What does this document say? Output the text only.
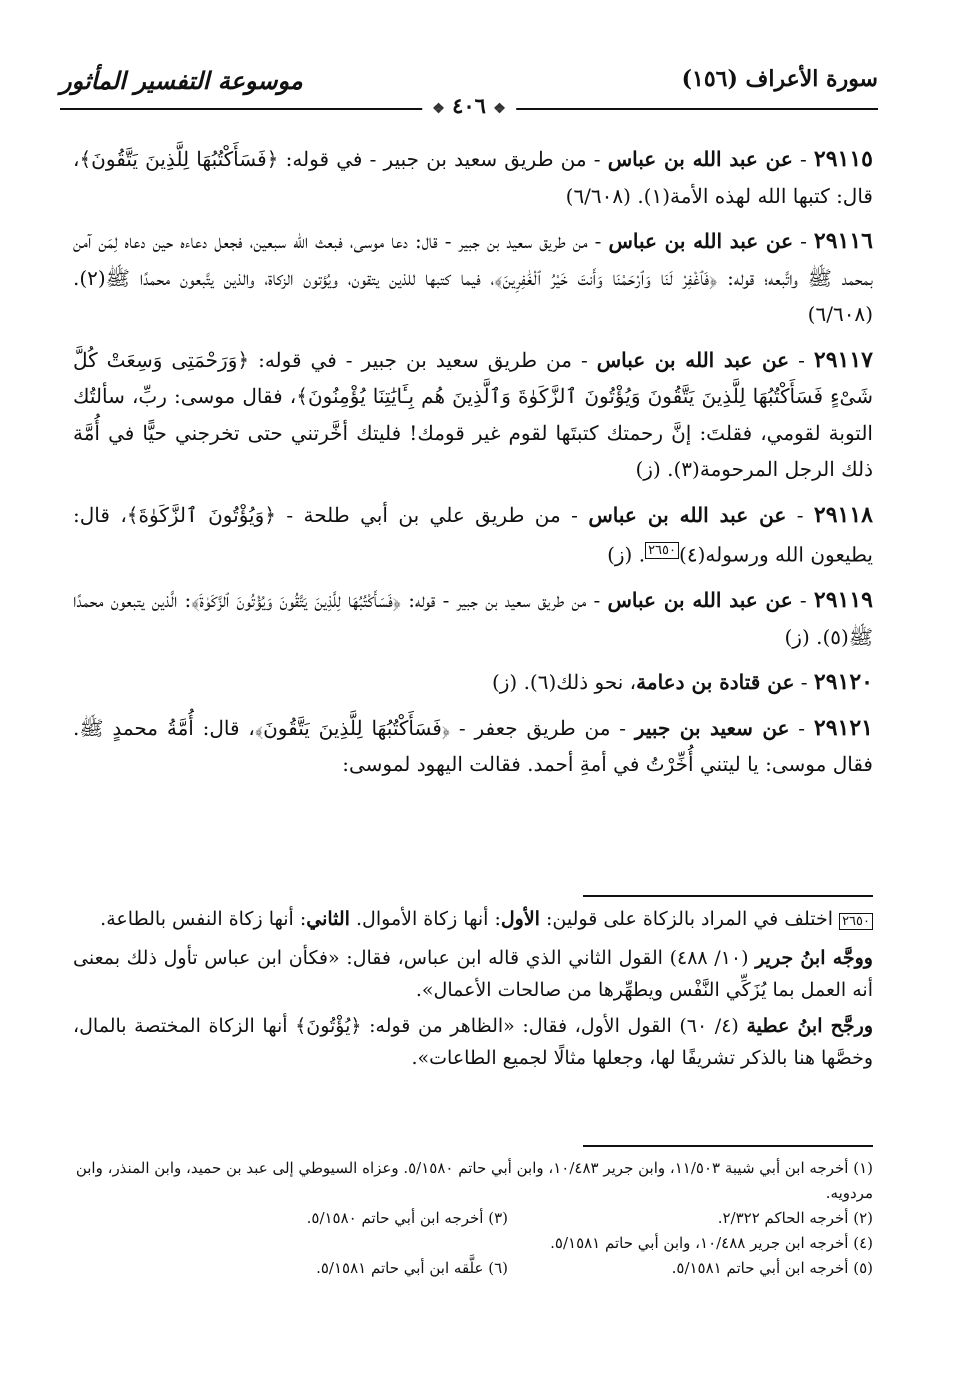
سورة الأعراف (١٥٦)
موسوعة التفسير المأثور
❖ ٤٠٦ ❖

٢٩١١٥ - عن عبد الله بن عباس - من طريق سعيد بن جبير - في قوله: ﴿فَسَأَكْتُبُهَا لِلَّذِينَ يَتَّقُونَ﴾، قال: كتبها الله لهذه الأمة(١). (٦/٦٠٨)

٢٩١١٦ - عن عبد الله بن عباس - من طريق سعيد بن جبير - قال: دعا موسى، فبعث الله سبعين، فجعل دعاءه حين دعاه لِمَن آمن بمحمد ﷺ واتَّبعه؛ قوله: ﴿فَٱغْفِرْ لَنَا وَٱرْحَمْنَا وَأَنتَ خَيْرُ ٱلْغَٰفِرِينَ﴾، فيما كتبها للذين يتقون، ويُؤتون الزكاة، والذين يتَّبعون محمدًا ﷺ(٢). (٦/٦٠٨)

٢٩١١٧ - عن عبد الله بن عباس - من طريق سعيد بن جبير - في قوله: ﴿وَرَحْمَتِى وَسِعَتْ كُلَّ شَىْءٍ فَسَأَكْتُبُهَا لِلَّذِينَ يَتَّقُونَ وَيُؤْتُونَ ٱلزَّكَوٰةَ وَٱلَّذِينَ هُم بِـَٔايَٰتِنَا يُؤْمِنُونَ﴾، فقال موسى: ربِّ، سألتُك التوبة لقومي، فقلتَ: إنَّ رحمتك كتبتَها لقوم غير قومك! فليتك أخَّرتني حتى تخرجني حيًّا في أُمَّة ذلك الرجل المرحومة(٣). (ز)

٢٩١١٨ - عن عبد الله بن عباس - من طريق علي بن أبي طلحة - ﴿وَيُؤْتُونَ ٱلزَّكَوٰةَ﴾، قال: يطيعون الله ورسوله(٤)$^{٢٦٥٠}$. (ز)

٢٩١١٩ - عن عبد الله بن عباس - من طريق سعيد بن جبير - قوله: ﴿فَسَأَكْتُبُهَا لِلَّذِينَ يَتَّقُونَ وَيُؤْتُونَ ٱلزَّكَوٰةَ﴾: الَّذين يتبعون محمدًا ﷺ(٥). (ز)

٢٩١٢٠ - عن قتادة بن دعامة، نحو ذلك(٦). (ز)

٢٩١٢١ - عن سعيد بن جبير - من طريق جعفر - ﴿فَسَأَكْتُبُهَا لِلَّذِينَ يَتَّقُونَ﴾، قال: أُمَّةُ محمدٍ ﷺ. فقال موسى: يا ليتني أُخِّرْتُ في أمةِ أحمد. فقالت اليهود لموسى:

٢٦٥٠ اختلف في المراد بالزكاة على قولين: الأول: أنها زكاة الأموال. الثاني: أنها زكاة النفس بالطاعة.

ووجَّه ابنُ جرير (١٠/ ٤٨٨) القول الثاني الذي قاله ابن عباس، فقال: «فكأن ابن عباس تأول ذلك بمعنى أنه العمل بما يُزَكِّي النَّفْس ويطهِّرها من صالحات الأعمال».

ورجَّح ابنُ عطية (٤/ ٦٠) القول الأول، فقال: «الظاهر من قوله: ﴿يُؤْتُونَ﴾ أنها الزكاة المختصة بالمال، وخصَّها هنا بالذكر تشريفًا لها، وجعلها مثالًا لجميع الطاعات».

(١) أخرجه ابن أبي شيبة ١١/٥٠٣، وابن جرير ١٠/٤٨٣، وابن أبي حاتم ٥/١٥٨٠. وعزاه السيوطي إلى عبد بن حميد، وابن المنذر، وابن مردويه.

(٢) أخرجه الحاكم ٢/٣٢٢.
(٣) أخرجه ابن أبي حاتم ٥/١٥٨٠.

(٤) أخرجه ابن جرير ١٠/٤٨٨، وابن أبي حاتم ٥/١٥٨١.

(٥) أخرجه ابن أبي حاتم ٥/١٥٨١.
(٦) علَّقه ابن أبي حاتم ٥/١٥٨١.
